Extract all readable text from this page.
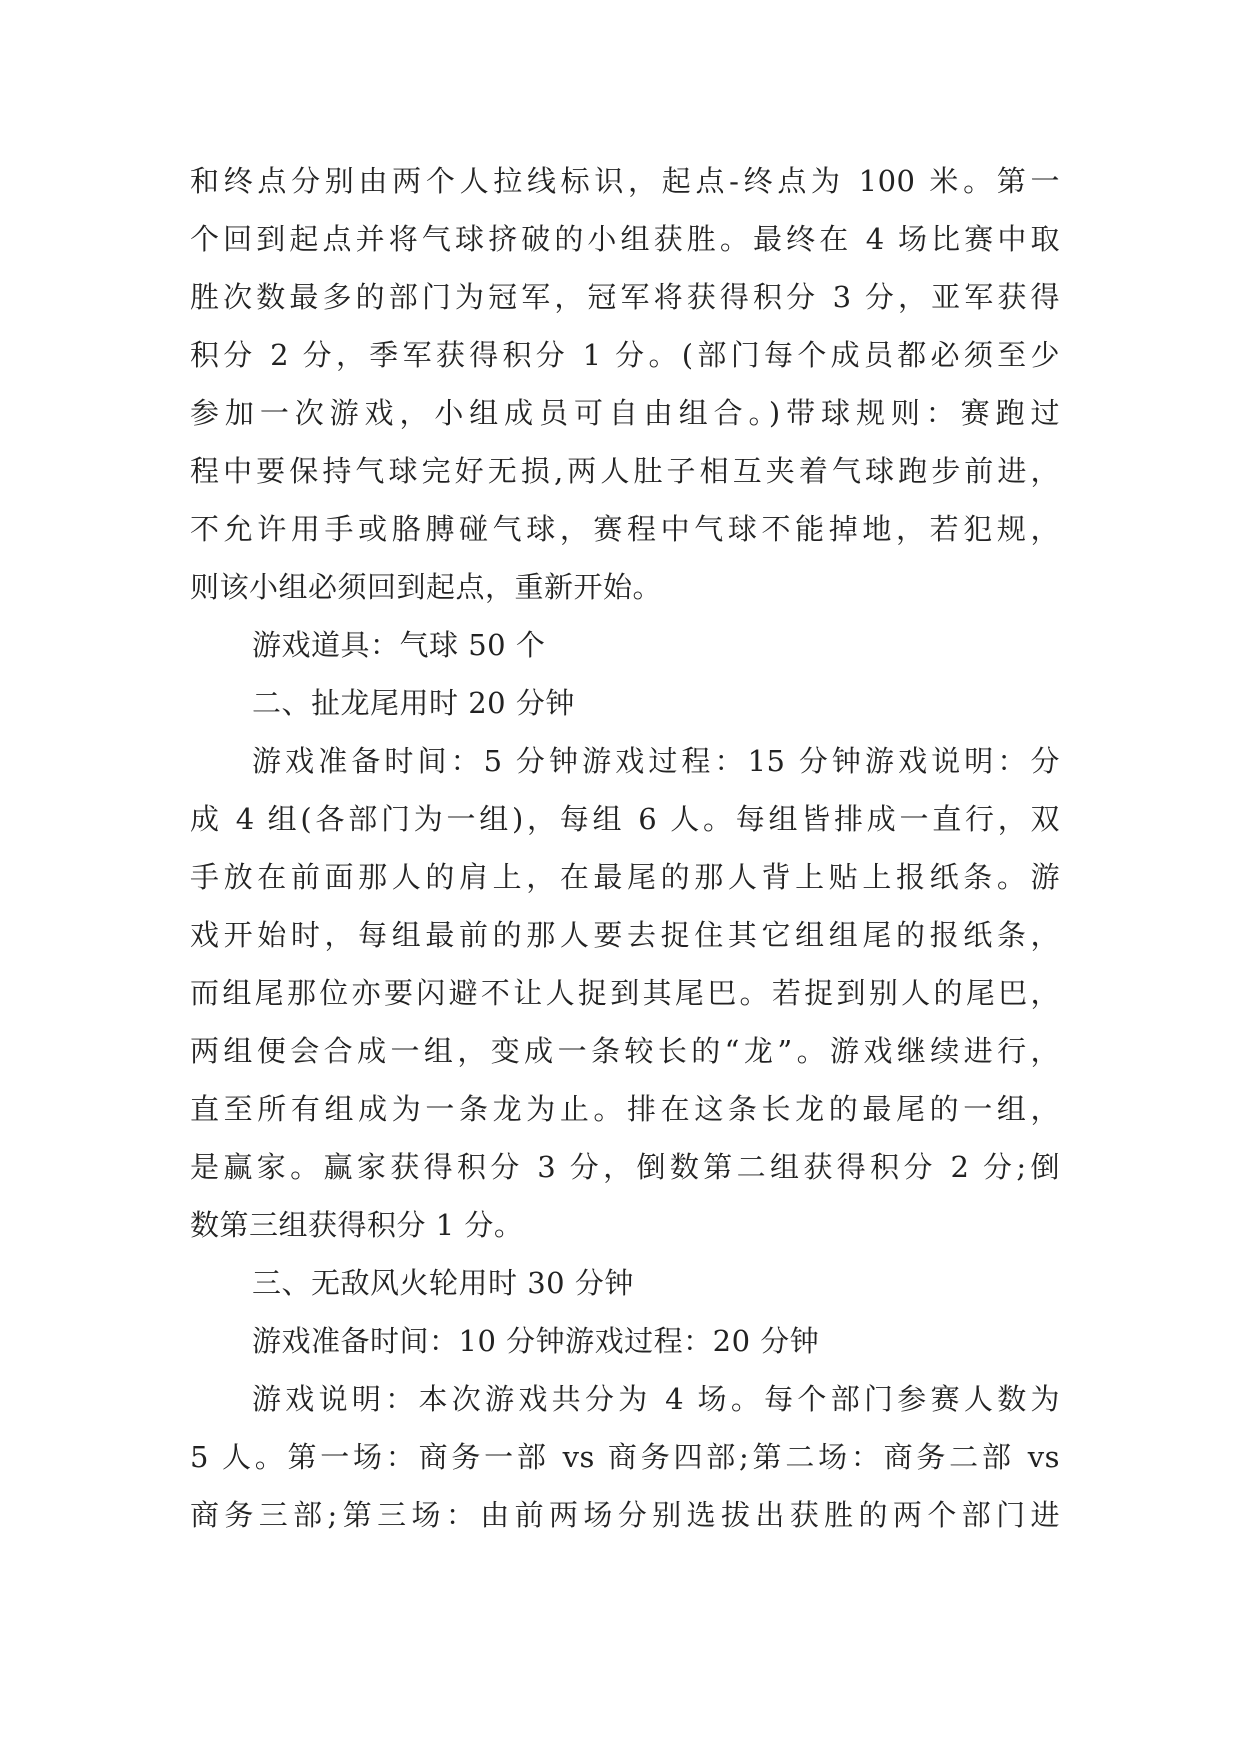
和终点分别由两个人拉线标识，起点-终点为 100 米。第一
个回到起点并将气球挤破的小组获胜。最终在 4 场比赛中取
胜次数最多的部门为冠军，冠军将获得积分 3 分，亚军获得
积分 2 分，季军获得积分 1 分。(部门每个成员都必须至少
参加一次游戏，小组成员可自由组合。)带球规则：赛跑过
程中要保持气球完好无损,两人肚子相互夹着气球跑步前进，
不允许用手或胳膊碰气球，赛程中气球不能掉地，若犯规，
则该小组必须回到起点，重新开始。
游戏道具：气球 50 个
二、扯龙尾用时 20 分钟
游戏准备时间：5 分钟游戏过程：15 分钟游戏说明：分
成 4 组(各部门为一组)，每组 6 人。每组皆排成一直行，双
手放在前面那人的肩上，在最尾的那人背上贴上报纸条。游
戏开始时，每组最前的那人要去捉住其它组组尾的报纸条，
而组尾那位亦要闪避不让人捉到其尾巴。若捉到别人的尾巴，
两组便会合成一组，变成一条较长的“龙”。游戏继续进行，
直至所有组成为一条龙为止。排在这条长龙的最尾的一组，
是赢家。赢家获得积分 3 分，倒数第二组获得积分 2 分;倒
数第三组获得积分 1 分。
三、无敌风火轮用时 30 分钟
游戏准备时间：10 分钟游戏过程：20 分钟
游戏说明：本次游戏共分为 4 场。每个部门参赛人数为
5 人。第一场：商务一部 vs 商务四部;第二场：商务二部 vs
商务三部;第三场：由前两场分别选拔出获胜的两个部门进
